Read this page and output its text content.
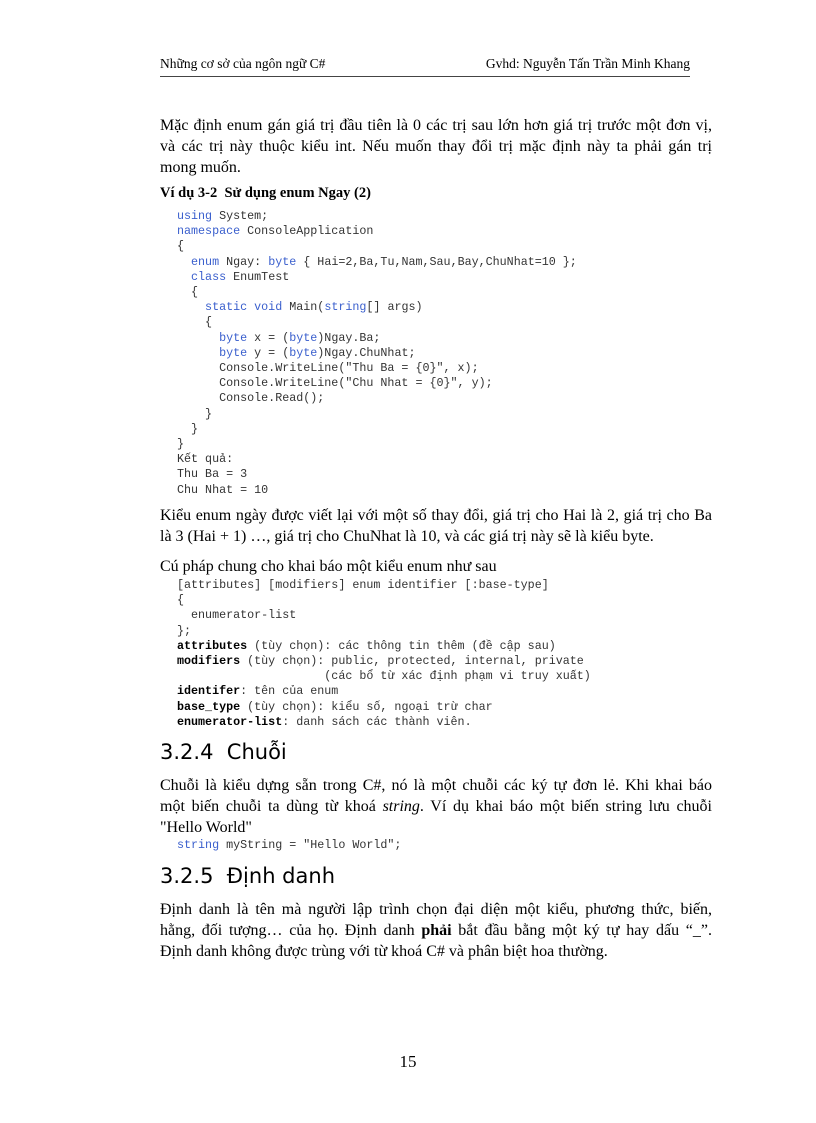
Những cơ sở của ngôn ngữ C#	Gvhd: Nguyễn Tấn Trần Minh Khang

Mặc định enum gán giá trị đầu tiên là 0 các trị sau lớn hơn giá trị trước một đơn vị,
và các trị này thuộc kiểu int. Nếu muốn thay đổi trị mặc định này ta phải gán trị
mong muốn.

Ví dụ 3-2  Sử dụng enum Ngay (2)
using System;
namespace ConsoleApplication
{
enum Ngay: byte { Hai=2,Ba,Tu,Nam,Sau,Bay,ChuNhat=10 };
class EnumTest
{
static void Main(string[] args)
{
byte x = (byte)Ngay.Ba;
byte y = (byte)Ngay.ChuNhat;
Console.WriteLine("Thu Ba = {0}", x);
Console.WriteLine("Chu Nhat = {0}", y);
Console.Read();
}
}
}
Kết quả:
Thu Ba = 3
Chu Nhat = 10

Kiểu enum ngày được viết lại với một số thay đổi, giá trị cho Hai là 2, giá trị cho Ba
là 3 (Hai + 1) …, giá trị cho ChuNhat là 10, và các giá trị này sẽ là kiểu byte.

Cú pháp chung cho khai báo một kiểu enum như sau

[attributes] [modifiers] enum identifier [:base-type]
{
enumerator-list
};
attributes (tùy chọn): các thông tin thêm (đề cập sau)
modifiers (tùy chọn): public, protected, internal, private
(các bổ từ xác định phạm vi truy xuất)
identifer: tên của enum
base_type (tùy chọn): kiểu số, ngoại trừ char
enumerator-list: danh sách các thành viên.
3.2.4  Chuỗi

Chuỗi là kiểu dựng sẵn trong C#, nó là một chuỗi các ký tự đơn lẻ. Khi khai báo
một biến chuỗi ta dùng từ khoá string. Ví dụ khai báo một biến string lưu chuỗi
"Hello World"

string myString = "Hello World";
3.2.5  Định danh

Định danh là tên mà người lập trình chọn đại diện một kiểu, phương thức, biến,
hằng, đối tượng… của họ. Định danh phải bắt đầu bằng một ký tự hay dấu “_”.
Định danh không được trùng với từ khoá C# và phân biệt hoa thường.

15
